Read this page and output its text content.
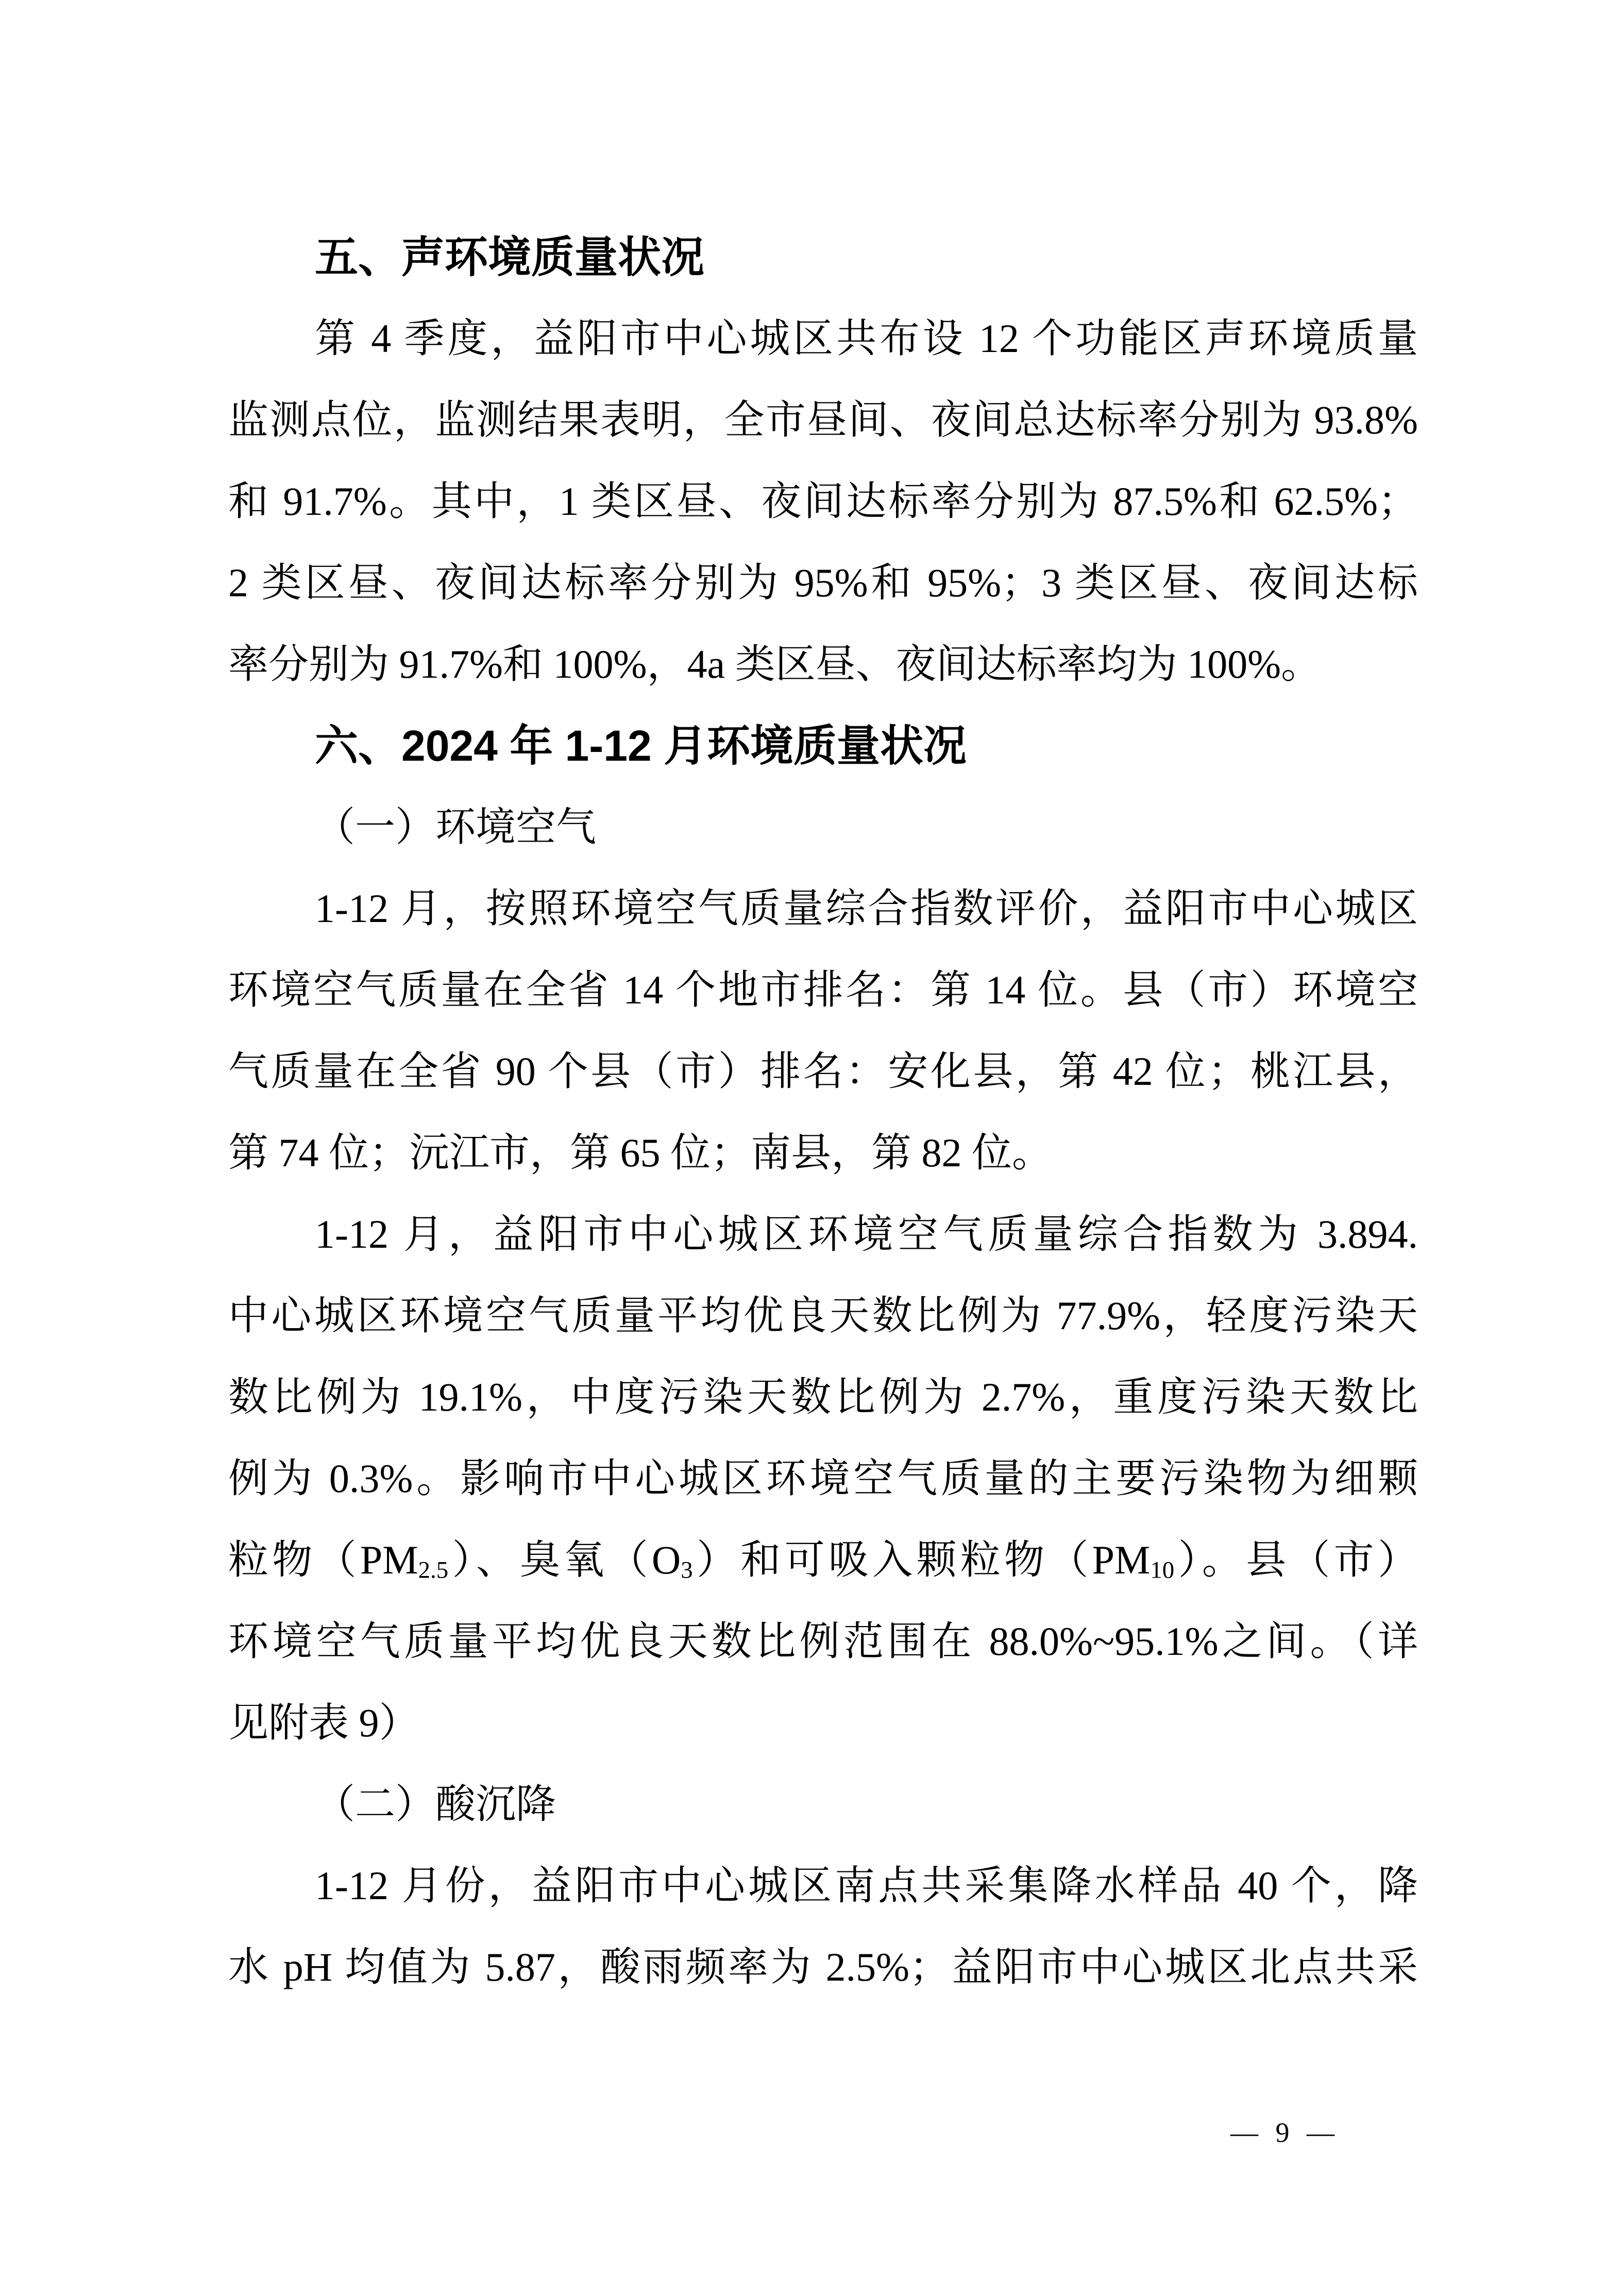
五、声环境质量状况
第 4 季度，益阳市中心城区共布设 12 个功能区声环境质量
监测点位，监测结果表明，全市昼间、夜间总达标率分别为 93.8%
和 91.7%。其中，1 类区昼、夜间达标率分别为 87.5%和 62.5%；
2 类区昼、夜间达标率分别为 95%和 95%；3 类区昼、夜间达标
率分别为 91.7%和 100%，4a 类区昼、夜间达标率均为 100%。
六、2024 年 1-12 月环境质量状况
（一）环境空气
1-12 月，按照环境空气质量综合指数评价，益阳市中心城区
环境空气质量在全省 14 个地市排名：第 14 位。县（市）环境空
气质量在全省 90 个县（市）排名：安化县，第 42 位；桃江县，
第 74 位；沅江市，第 65 位；南县，第 82 位。
1-12 月，益阳市中心城区环境空气质量综合指数为 3.894.
中心城区环境空气质量平均优良天数比例为 77.9%，轻度污染天
数比例为 19.1%，中度污染天数比例为 2.7%，重度污染天数比
例为 0.3%。影响市中心城区环境空气质量的主要污染物为细颗
粒物$(PM_{2.5})$、臭氧$(O_3)$和可吸入颗粒物$(PM_{10})$。县（市）
环境空气质量平均优良天数比例范围在 88.0%~95.1%之间。（详
见附表 9）
（二）酸沉降
1-12 月份，益阳市中心城区南点共采集降水样品 40 个，降
水 pH 均值为 5.87，酸雨频率为 2.5%；益阳市中心城区北点共采
— 9 —
